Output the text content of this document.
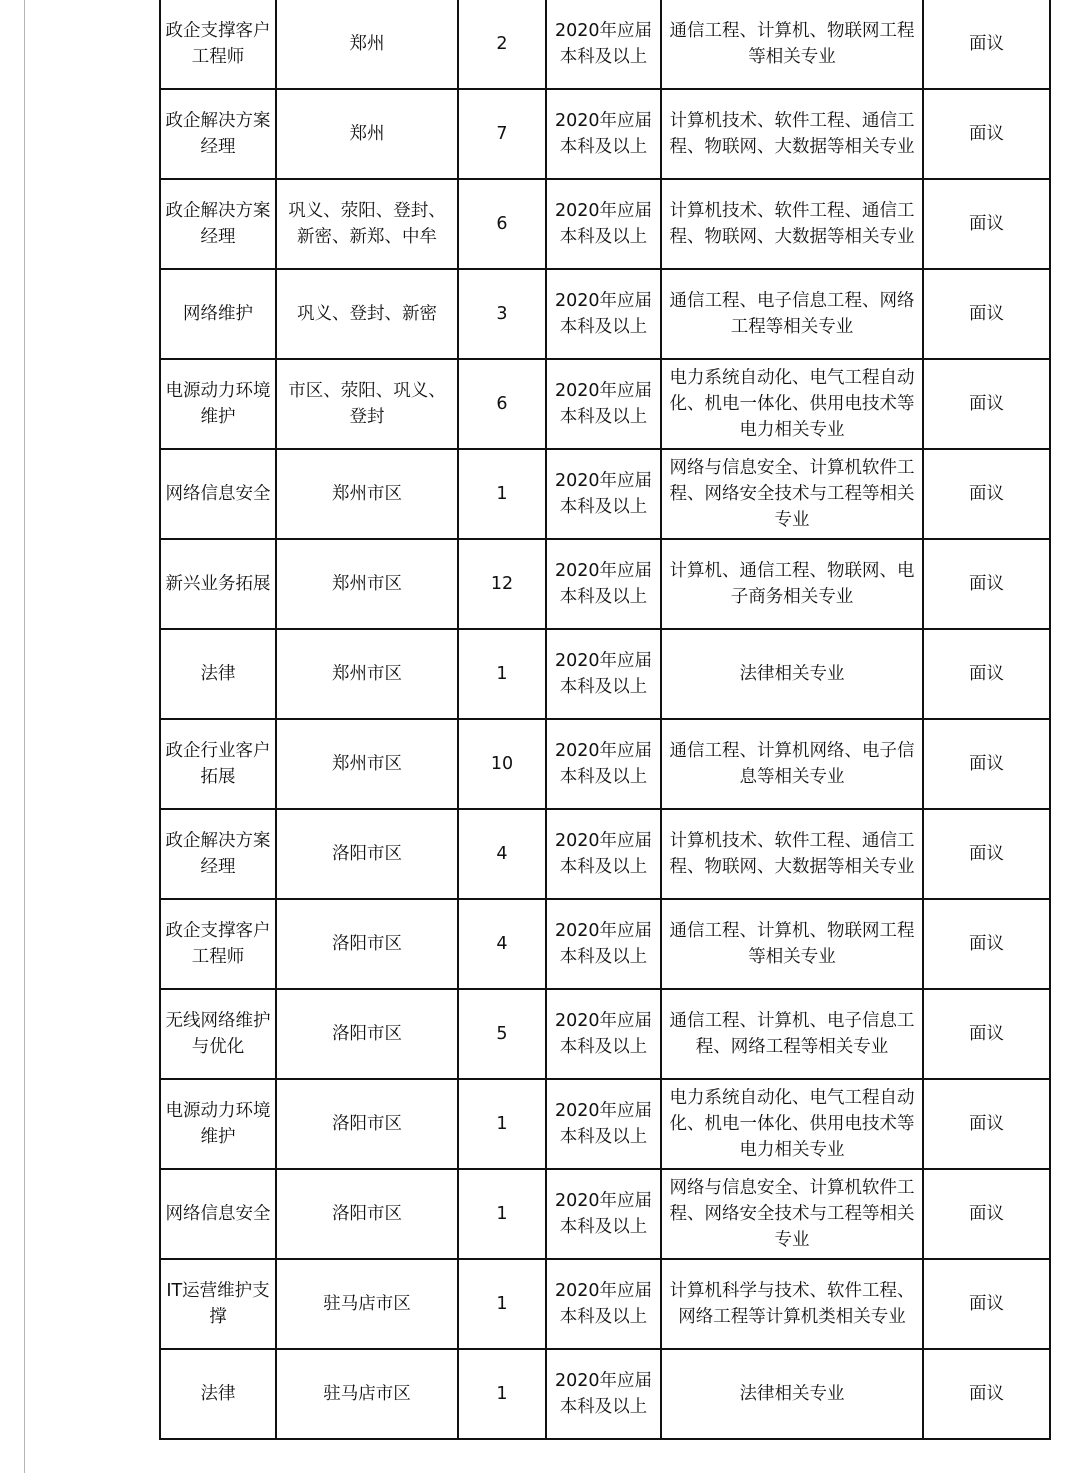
政企支撑客户工程师	郑州	2	2020年应届本科及以上	通信工程、计算机、物联网工程等相关专业	面议
政企解决方案经理	郑州	7	2020年应届本科及以上	计算机技术、软件工程、通信工程、物联网、大数据等相关专业	面议
政企解决方案经理	巩义、荥阳、登封、新密、新郑、中牟	6	2020年应届本科及以上	计算机技术、软件工程、通信工程、物联网、大数据等相关专业	面议
网络维护	巩义、登封、新密	3	2020年应届本科及以上	通信工程、电子信息工程、网络工程等相关专业	面议
电源动力环境维护	市区、荥阳、巩义、登封	6	2020年应届本科及以上	电力系统自动化、电气工程自动化、机电一体化、供用电技术等电力相关专业	面议
网络信息安全	郑州市区	1	2020年应届本科及以上	网络与信息安全、计算机软件工程、网络安全技术与工程等相关专业	面议
新兴业务拓展	郑州市区	12	2020年应届本科及以上	计算机、通信工程、物联网、电子商务相关专业	面议
法律	郑州市区	1	2020年应届本科及以上	法律相关专业	面议
政企行业客户拓展	郑州市区	10	2020年应届本科及以上	通信工程、计算机网络、电子信息等相关专业	面议
政企解决方案经理	洛阳市区	4	2020年应届本科及以上	计算机技术、软件工程、通信工程、物联网、大数据等相关专业	面议
政企支撑客户工程师	洛阳市区	4	2020年应届本科及以上	通信工程、计算机、物联网工程等相关专业	面议
无线网络维护与优化	洛阳市区	5	2020年应届本科及以上	通信工程、计算机、电子信息工程、网络工程等相关专业	面议
电源动力环境维护	洛阳市区	1	2020年应届本科及以上	电力系统自动化、电气工程自动化、机电一体化、供用电技术等电力相关专业	面议
网络信息安全	洛阳市区	1	2020年应届本科及以上	网络与信息安全、计算机软件工程、网络安全技术与工程等相关专业	面议
IT运营维护支撑	驻马店市区	1	2020年应届本科及以上	计算机科学与技术、软件工程、网络工程等计算机类相关专业	面议
法律	驻马店市区	1	2020年应届本科及以上	法律相关专业	面议
